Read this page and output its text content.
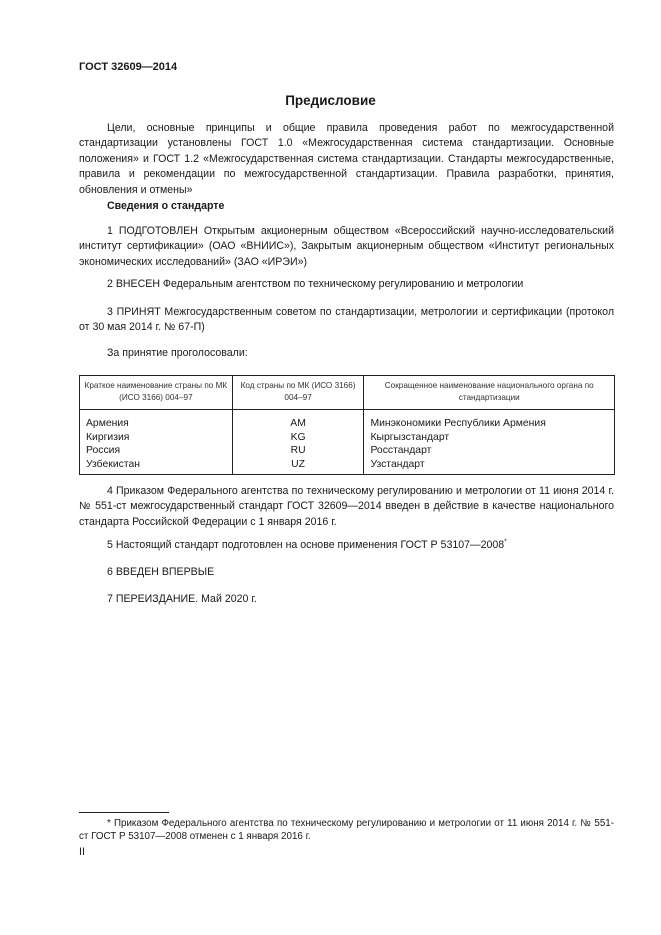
ГОСТ 32609—2014
Предисловие

Цели, основные принципы и общие правила проведения работ по межгосударственной стандартизации установлены ГОСТ 1.0 «Межгосударственная система стандартизации. Основные положения» и ГОСТ 1.2 «Межгосударственная система стандартизации. Стандарты межгосударственные, правила и рекомендации по межгосударственной стандартизации. Правила разработки, принятия, обновления и отмены»

Сведения о стандарте

1 ПОДГОТОВЛЕН Открытым акционерным обществом «Всероссийский научно-исследовательский институт сертификации» (ОАО «ВНИИС»), Закрытым акционерным обществом «Институт региональных экономических исследований» (ЗАО «ИРЭИ»)

2 ВНЕСЕН Федеральным агентством по техническому регулированию и метрологии

3 ПРИНЯТ Межгосударственным советом по стандартизации, метрологии и сертификации (протокол от 30 мая 2014 г. № 67-П)

За принятие проголосовали:

Краткое наименование страны по МК (ИСО 3166) 004–97	Код страны по МК (ИСО 3166) 004–97	Сокращенное наименование национального органа по стандартизации
Армения	AM	Минэкономики Республики Армения
Киргизия	KG	Кыргызстандарт
Россия	RU	Росстандарт
Узбекистан	UZ	Узстандарт

4 Приказом Федерального агентства по техническому регулированию и метрологии от 11 июня 2014 г. № 551-ст межгосударственный стандарт ГОСТ 32609—2014 введен в действие в качестве национального стандарта Российской Федерации с 1 января 2016 г.

5 Настоящий стандарт подготовлен на основе применения ГОСТ Р 53107—2008*

6 ВВЕДЕН ВПЕРВЫЕ

7 ПЕРЕИЗДАНИЕ. Май 2020 г.

* Приказом Федерального агентства по техническому регулированию и метрологии от 11 июня 2014 г. № 551-ст ГОСТ Р 53107—2008 отменен с 1 января 2016 г.

II
